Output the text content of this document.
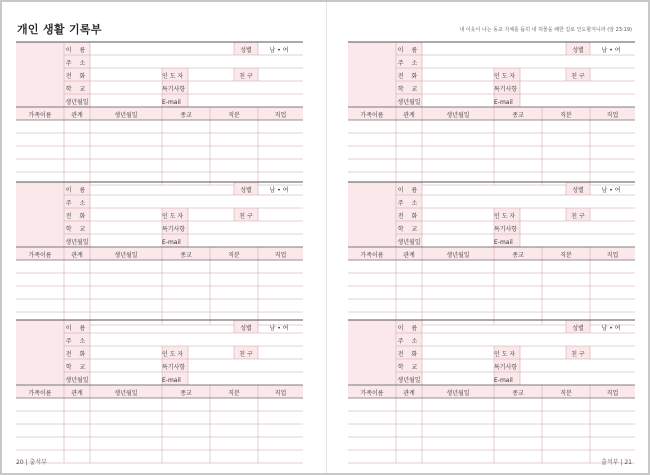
개인 생활 기록부	내 이웃이 나는 동교 지체를 돕히 내 허물을 해한 길로 인도할지니라 (암 23:19)
이 름	성별	남 • 여
주 소
전 화	인 도 자	친 구
학 교	특기사항
생년월일	E-mail
가족이름	관계	생년월일	종교	직분	직업
이 름	성별	남 • 여
주 소
전 화	인 도 자	친 구
학 교	특기사항
생년월일	E-mail
가족이름	관계	생년월일	종교	직분	직업
이 름	성별	남 • 여
주 소
전 화	인 도 자	친 구
학 교	특기사항
생년월일	E-mail
가족이름	관계	생년월일	종교	직분	직업
이 름	성별	남 • 여
주 소
전 화	인 도 자	친 구
학 교	특기사항
생년월일	E-mail
가족이름	관계	생년월일	종교	직분	직업
이 름	성별	남 • 여
주 소
전 화	인 도 자	친 구
학 교	특기사항
생년월일	E-mail
가족이름	관계	생년월일	종교	직분	직업
이 름	성별	남 • 여
주 소
전 화	인 도 자	친 구
학 교	특기사항
생년월일	E-mail
가족이름	관계	생년월일	종교	직분	직업
20 | 출석부	출석부 | 21
